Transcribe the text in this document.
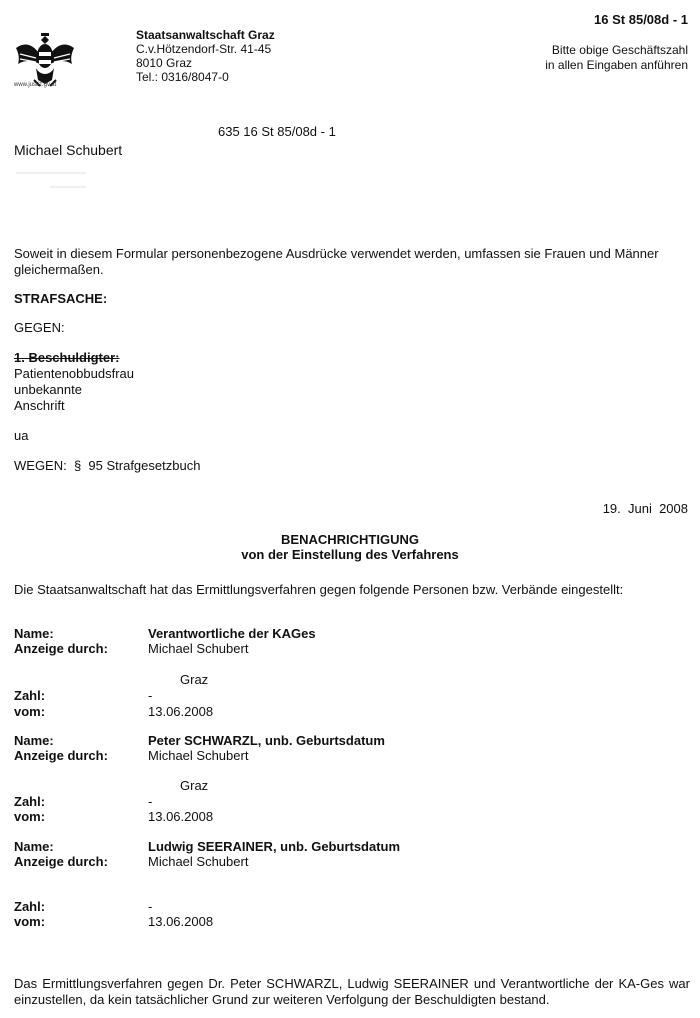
www.justiz.gv.at
Staatsanwaltschaft Graz
C.v.Hötzendorf-Str. 41-45
8010 Graz
Tel.: 0316/8047-0
16 St 85/08d - 1
Bitte obige Geschäftszahl
in allen Eingaben anführen
635 16 St 85/08d - 1
Michael Schubert
Soweit in diesem Formular personenbezogene Ausdrücke verwendet werden, umfassen sie Frauen und Männer gleichermaßen.
STRAFSACHE:
GEGEN:
1. Beschuldigter:
Patientenobbudsfrau
unbekannte
Anschrift
ua
WEGEN:  §  95 Strafgesetzbuch
19.  Juni  2008
BENACHRICHTIGUNG
von der Einstellung des Verfahrens
Die Staatsanwaltschaft hat das Ermittlungsverfahren gegen folgende Personen bzw. Verbände eingestellt:
Name:	Verantwortliche der KAGes
Anzeige durch:	Michael Schubert
Graz
Zahl:	-
vom:	13.06.2008
Name:	Peter SCHWARZL, unb. Geburtsdatum
Anzeige durch:	Michael Schubert
Graz
Zahl:	-
vom:	13.06.2008
Name:	Ludwig SEERAINER, unb. Geburtsdatum
Anzeige durch:	Michael Schubert
Zahl:	-
vom:	13.06.2008
Das Ermittlungsverfahren gegen Dr. Peter SCHWARZL, Ludwig SEERAINER und Verantwortliche der KA-Ges war einzustellen, da kein tatsächlicher Grund zur weiteren Verfolgung der Beschuldigten bestand.
